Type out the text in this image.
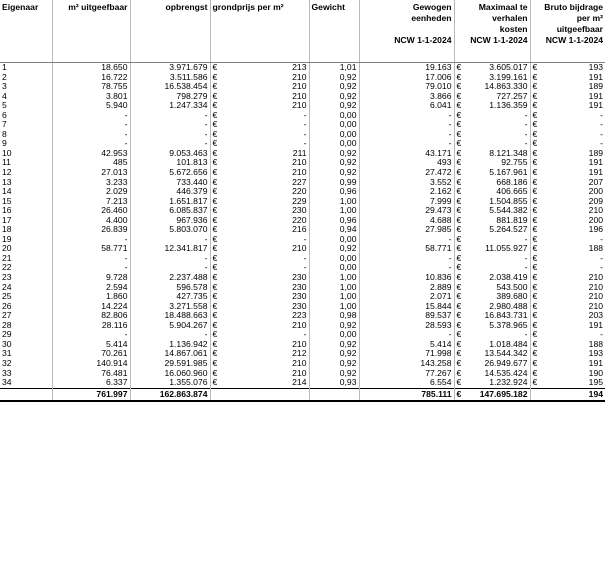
Eigenaar	m² uitgeefbaar	opbrengst	grondprijs per m²		Gewicht	Gewogen
eenheden

NCW 1-1-2024	Maximaal te
verhalen
kosten
NCW 1-1-2024		Bruto bijdrage
per m²
uitgeefbaar
NCW 1-1-2024	

1	18.650	3.971.679	€	213	1,01	19.163	€	3.605.017	€	193
2	16.722	3.511.586	€	210	0,92	17.006	€	3.199.161	€	191
3	78.755	16.538.454	€	210	0,92	79.010	€	14.863.330	€	189
4	3.801	798.279	€	210	0,92	3.866	€	727.257	€	191
5	5.940	1.247.334	€	210	0,92	6.041	€	1.136.359	€	191
6	-	-	€	-	0,00	-	€	-	€	-
7	-	-	€	-	0,00	-	€	-	€	-
8	-	-	€	-	0,00	-	€	-	€	-
9	-	-	€	-	0,00	-	€	-	€	-
10	42.953	9.053.463	€	211	0,92	43.171	€	8.121.348	€	189
11	485	101.813	€	210	0,92	493	€	92.755	€	191
12	27.013	5.672.656	€	210	0,92	27.472	€	5.167.961	€	191
13	3.233	733.440	€	227	0,99	3.552	€	668.186	€	207
14	2.029	446.379	€	220	0,96	2.162	€	406.665	€	200
15	7.213	1.651.817	€	229	1,00	7.999	€	1.504.855	€	209
16	26.460	6.085.837	€	230	1,00	29.473	€	5.544.382	€	210
17	4.400	967.936	€	220	0,96	4.688	€	881.819	€	200
18	26.839	5.803.070	€	216	0,94	27.985	€	5.264.527	€	196
19	-	-	€	-	0,00	-	€	-	€	-
20	58.771	12.341.817	€	210	0,92	58.771	€	11.055.927	€	188
21	-	-	€	-	0,00	-	€	-	€	-
22	-	-	€	-	0,00	-	€	-	€	-
23	9.728	2.237.488	€	230	1,00	10.836	€	2.038.419	€	210
24	2.594	596.578	€	230	1,00	2.889	€	543.500	€	210
25	1.860	427.735	€	230	1,00	2.071	€	389.680	€	210
26	14.224	3.271.558	€	230	1,00	15.844	€	2.980.488	€	210
27	82.806	18.488.663	€	223	0,98	89.537	€	16.843.731	€	203
28	28.116	5.904.267	€	210	0,92	28.593	€	5.378.965	€	191
29	-	-	€	-	0,00	-	€	-	€	-
30	5.414	1.136.942	€	210	0,92	5.414	€	1.018.484	€	188
31	70.261	14.867.061	€	212	0,92	71.998	€	13.544.342	€	193
32	140.914	29.591.985	€	210	0,92	143.258	€	26.949.677	€	191
33	76.481	16.060.960	€	210	0,92	77.267	€	14.535.424	€	190
34	6.337	1.355.076	€	214	0,93	6.554	€	1.232.924	€	195
	761.997	162.863.874				785.111	€	147.695.182		194
